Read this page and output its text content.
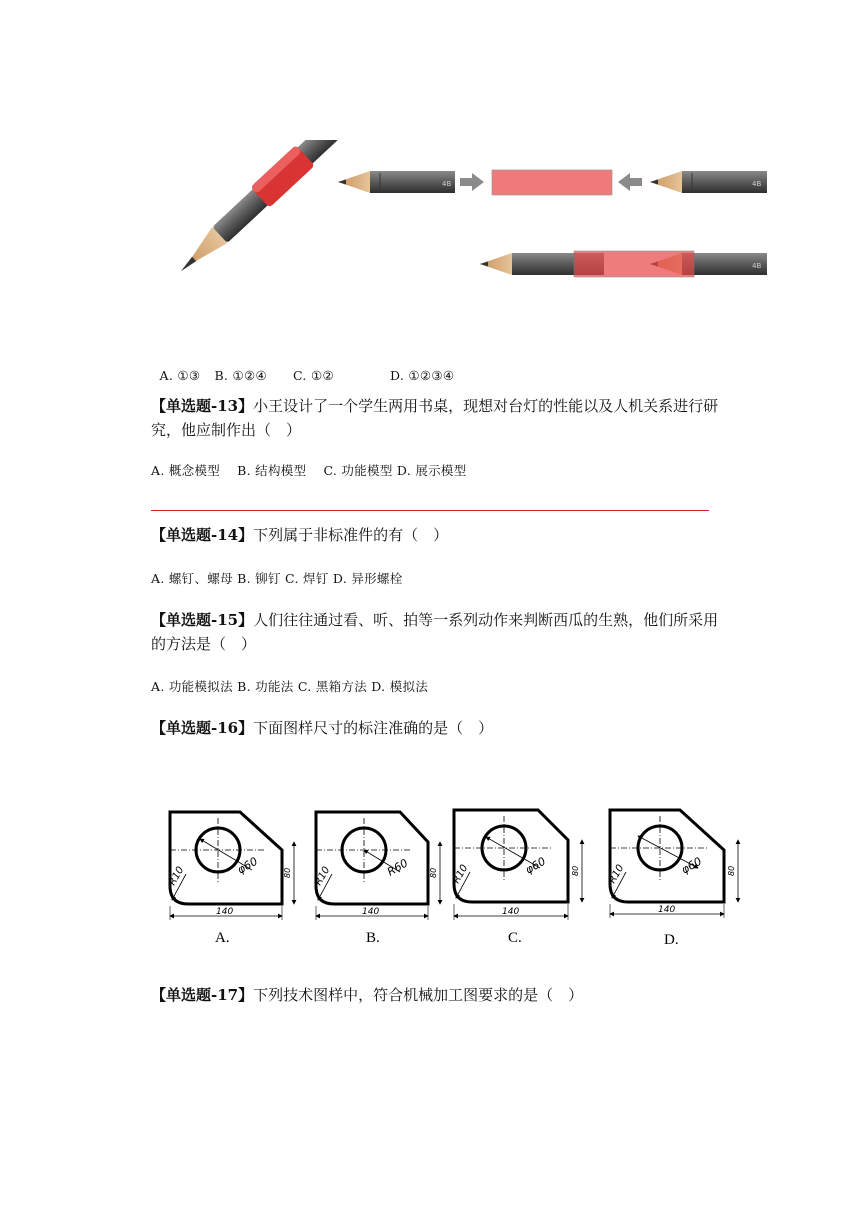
4B	4B
4B

A. ①③ B. ①②④ C. ①②	D. ①②③④

【单选题-13】小王设计了一个学生两用书桌，现想对台灯的性能以及人机关系进行研究，他应制作出（　）
A. 概念模型　 B. 结构模型　 C. 功能模型 D. 展示模型
【单选题-14】下列属于非标准件的有（　）
A. 螺钉、螺母 B. 铆钉 C. 焊钉 D. 异形螺栓
【单选题-15】人们往往通过看、听、拍等一系列动作来判断西瓜的生熟，他们所采用的方法是（　）
A. 功能模拟法 B. 功能法 C. 黑箱方法 D. 模拟法
【单选题-16】下面图样尺寸的标注准确的是（　）
φ60
R10
140
80
A.
R60
R10
140
80
B.
φ60
R10
140
80
C.
φ60
R10
140
80
D.
【单选题-17】下列技术图样中，符合机械加工图要求的是（　）
